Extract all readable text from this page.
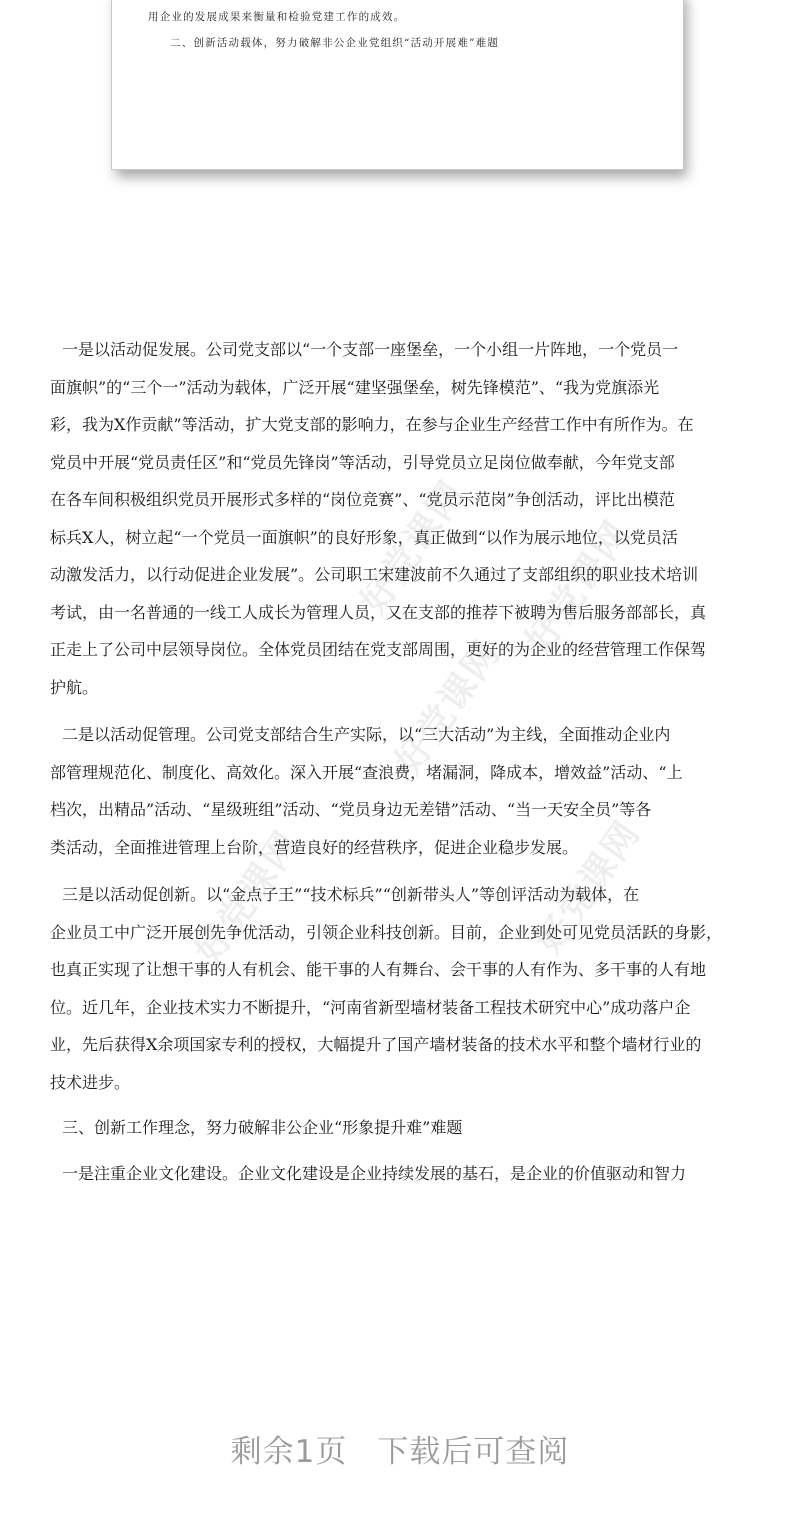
用企业的发展成果来衡量和检验党建工作的成效。
二、创新活动载体，努力破解非公企业党组织“活动开展难”难题
好党课网 好党课网
好党课网
好党课网	好党课网
一是以活动促发展。公司党支部以“一个支部一座堡垒，一个小组一片阵地，一个党员一
面旗帜”的“三个一”活动为载体，广泛开展“建坚强堡垒，树先锋模范”、“我为党旗添光
彩，我为X作贡献”等活动，扩大党支部的影响力，在参与企业生产经营工作中有所作为。在
党员中开展“党员责任区”和“党员先锋岗”等活动，引导党员立足岗位做奉献，今年党支部
在各车间积极组织党员开展形式多样的“岗位竞赛”、“党员示范岗”争创活动，评比出模范
标兵X人，树立起“一个党员一面旗帜”的良好形象，真正做到“以作为展示地位，以党员活
动激发活力，以行动促进企业发展”。公司职工宋建波前不久通过了支部组织的职业技术培训
考试，由一名普通的一线工人成长为管理人员，又在支部的推荐下被聘为售后服务部部长，真
正走上了公司中层领导岗位。全体党员团结在党支部周围，更好的为企业的经营管理工作保驾
护航。
二是以活动促管理。公司党支部结合生产实际，以“三大活动”为主线，全面推动企业内
部管理规范化、制度化、高效化。深入开展“查浪费，堵漏洞，降成本，增效益”活动、“上
档次，出精品”活动、“星级班组”活动、“党员身边无差错”活动、“当一天安全员”等各
类活动，全面推进管理上台阶，营造良好的经营秩序，促进企业稳步发展。
三是以活动促创新。以“金点子王”“技术标兵”“创新带头人”等创评活动为载体，在
企业员工中广泛开展创先争优活动，引领企业科技创新。目前，企业到处可见党员活跃的身影，
也真正实现了让想干事的人有机会、能干事的人有舞台、会干事的人有作为、多干事的人有地
位。近几年，企业技术实力不断提升，“河南省新型墙材装备工程技术研究中心”成功落户企
业，先后获得X余项国家专利的授权，大幅提升了国产墙材装备的技术水平和整个墙材行业的
技术进步。
三、创新工作理念，努力破解非公企业“形象提升难”难题
一是注重企业文化建设。企业文化建设是企业持续发展的基石，是企业的价值驱动和智力
剩余1页 下载后可查阅
